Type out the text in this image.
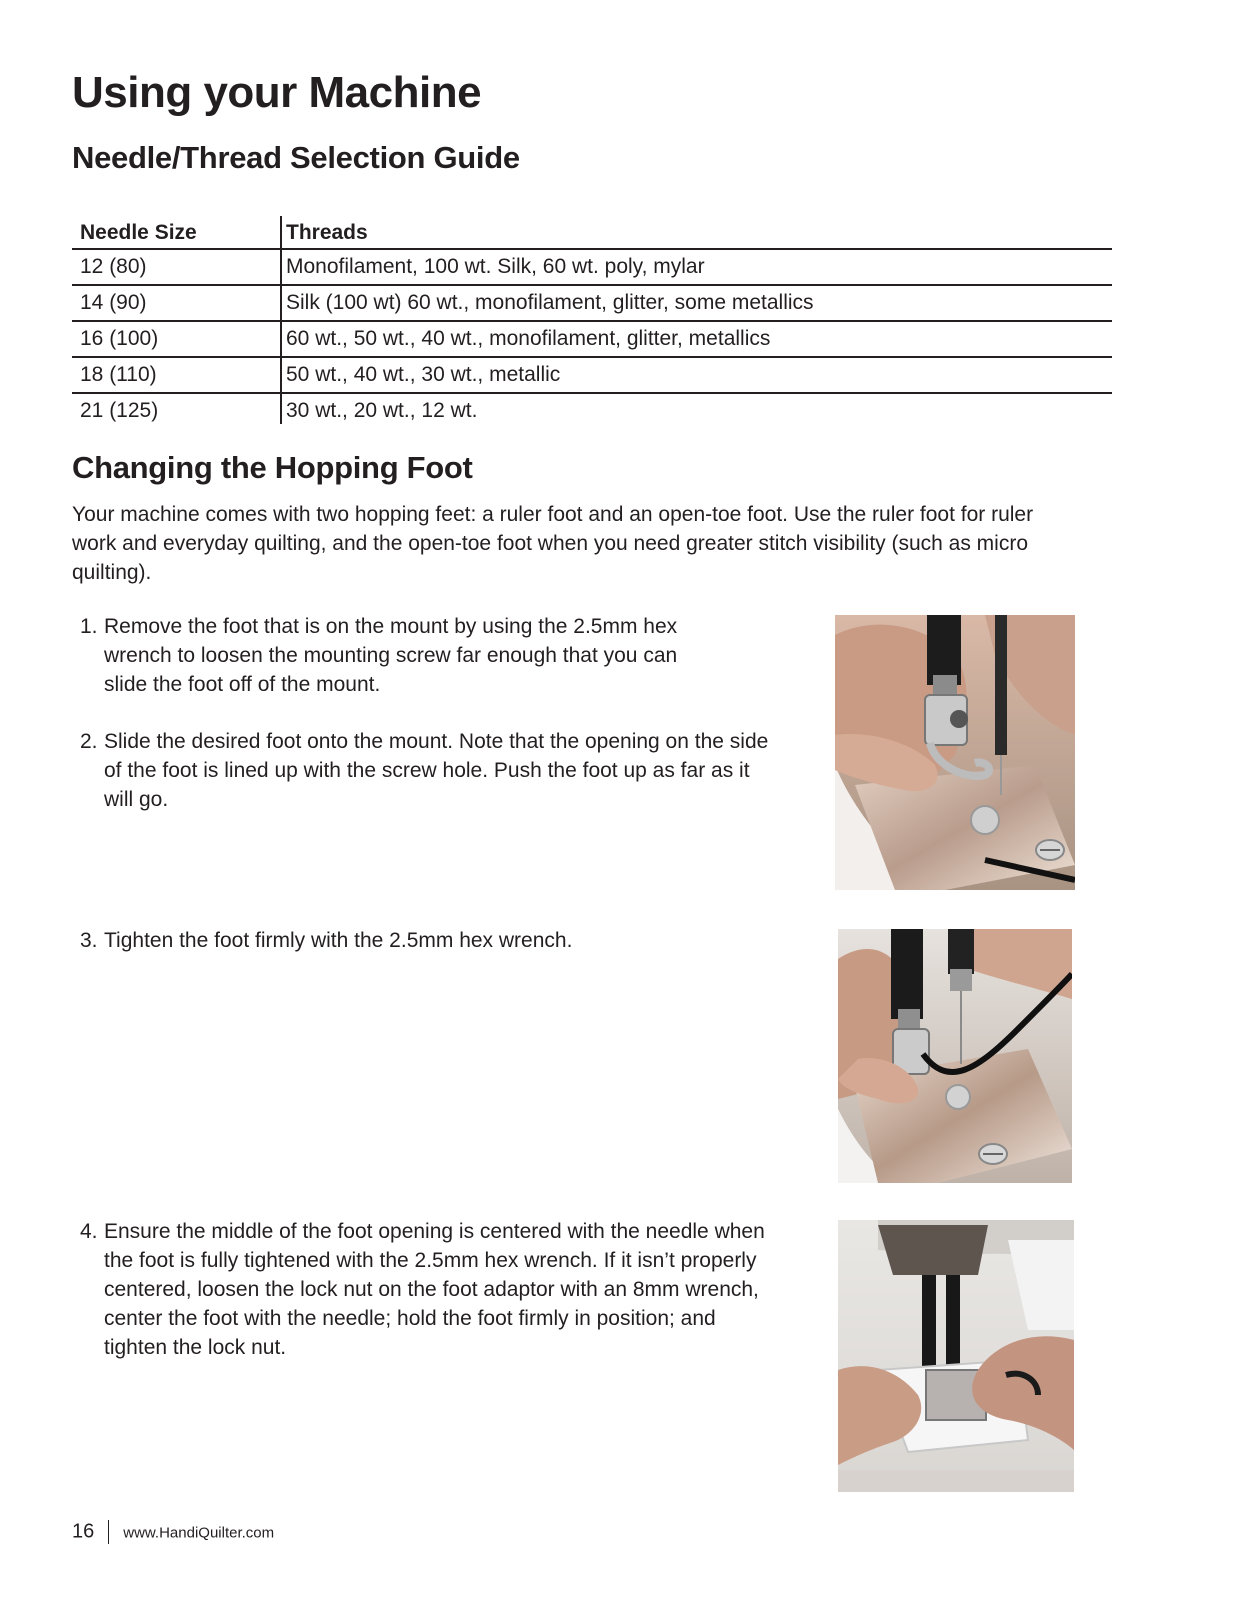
Using your Machine
Needle/Thread Selection Guide
Needle Size	Threads
12 (80)	Monofilament, 100 wt. Silk, 60 wt. poly, mylar
14 (90)	Silk (100 wt) 60 wt., monofilament, glitter, some metallics
16 (100)	60 wt., 50 wt., 40 wt., monofilament, glitter, metallics
18 (110)	50 wt., 40 wt., 30 wt., metallic
21 (125)	30 wt., 20 wt., 12 wt.
Changing the Hopping Foot

Your machine comes with two hopping feet: a ruler foot and an open-toe foot. Use the ruler foot for ruler work and everyday quilting, and the open-toe foot when you need greater stitch visibility (such as micro quilting).

1. Remove the foot that is on the mount by using the 2.5mm hex wrench to loosen the mounting screw far enough that you can slide the foot off of the mount.
2. Slide the desired foot onto the mount. Note that the opening on the side of the foot is lined up with the screw hole. Push the foot up as far as it will go.
3. Tighten the foot firmly with the 2.5mm hex wrench.
4. Ensure the middle of the foot opening is centered with the needle when the foot is fully tightened with the 2.5mm hex wrench. If it isn’t properly centered, loosen the lock nut on the foot adaptor with an 8mm wrench, center the foot with the needle; hold the foot firmly in position; and tighten the lock nut.
16 www.HandiQuilter.com
